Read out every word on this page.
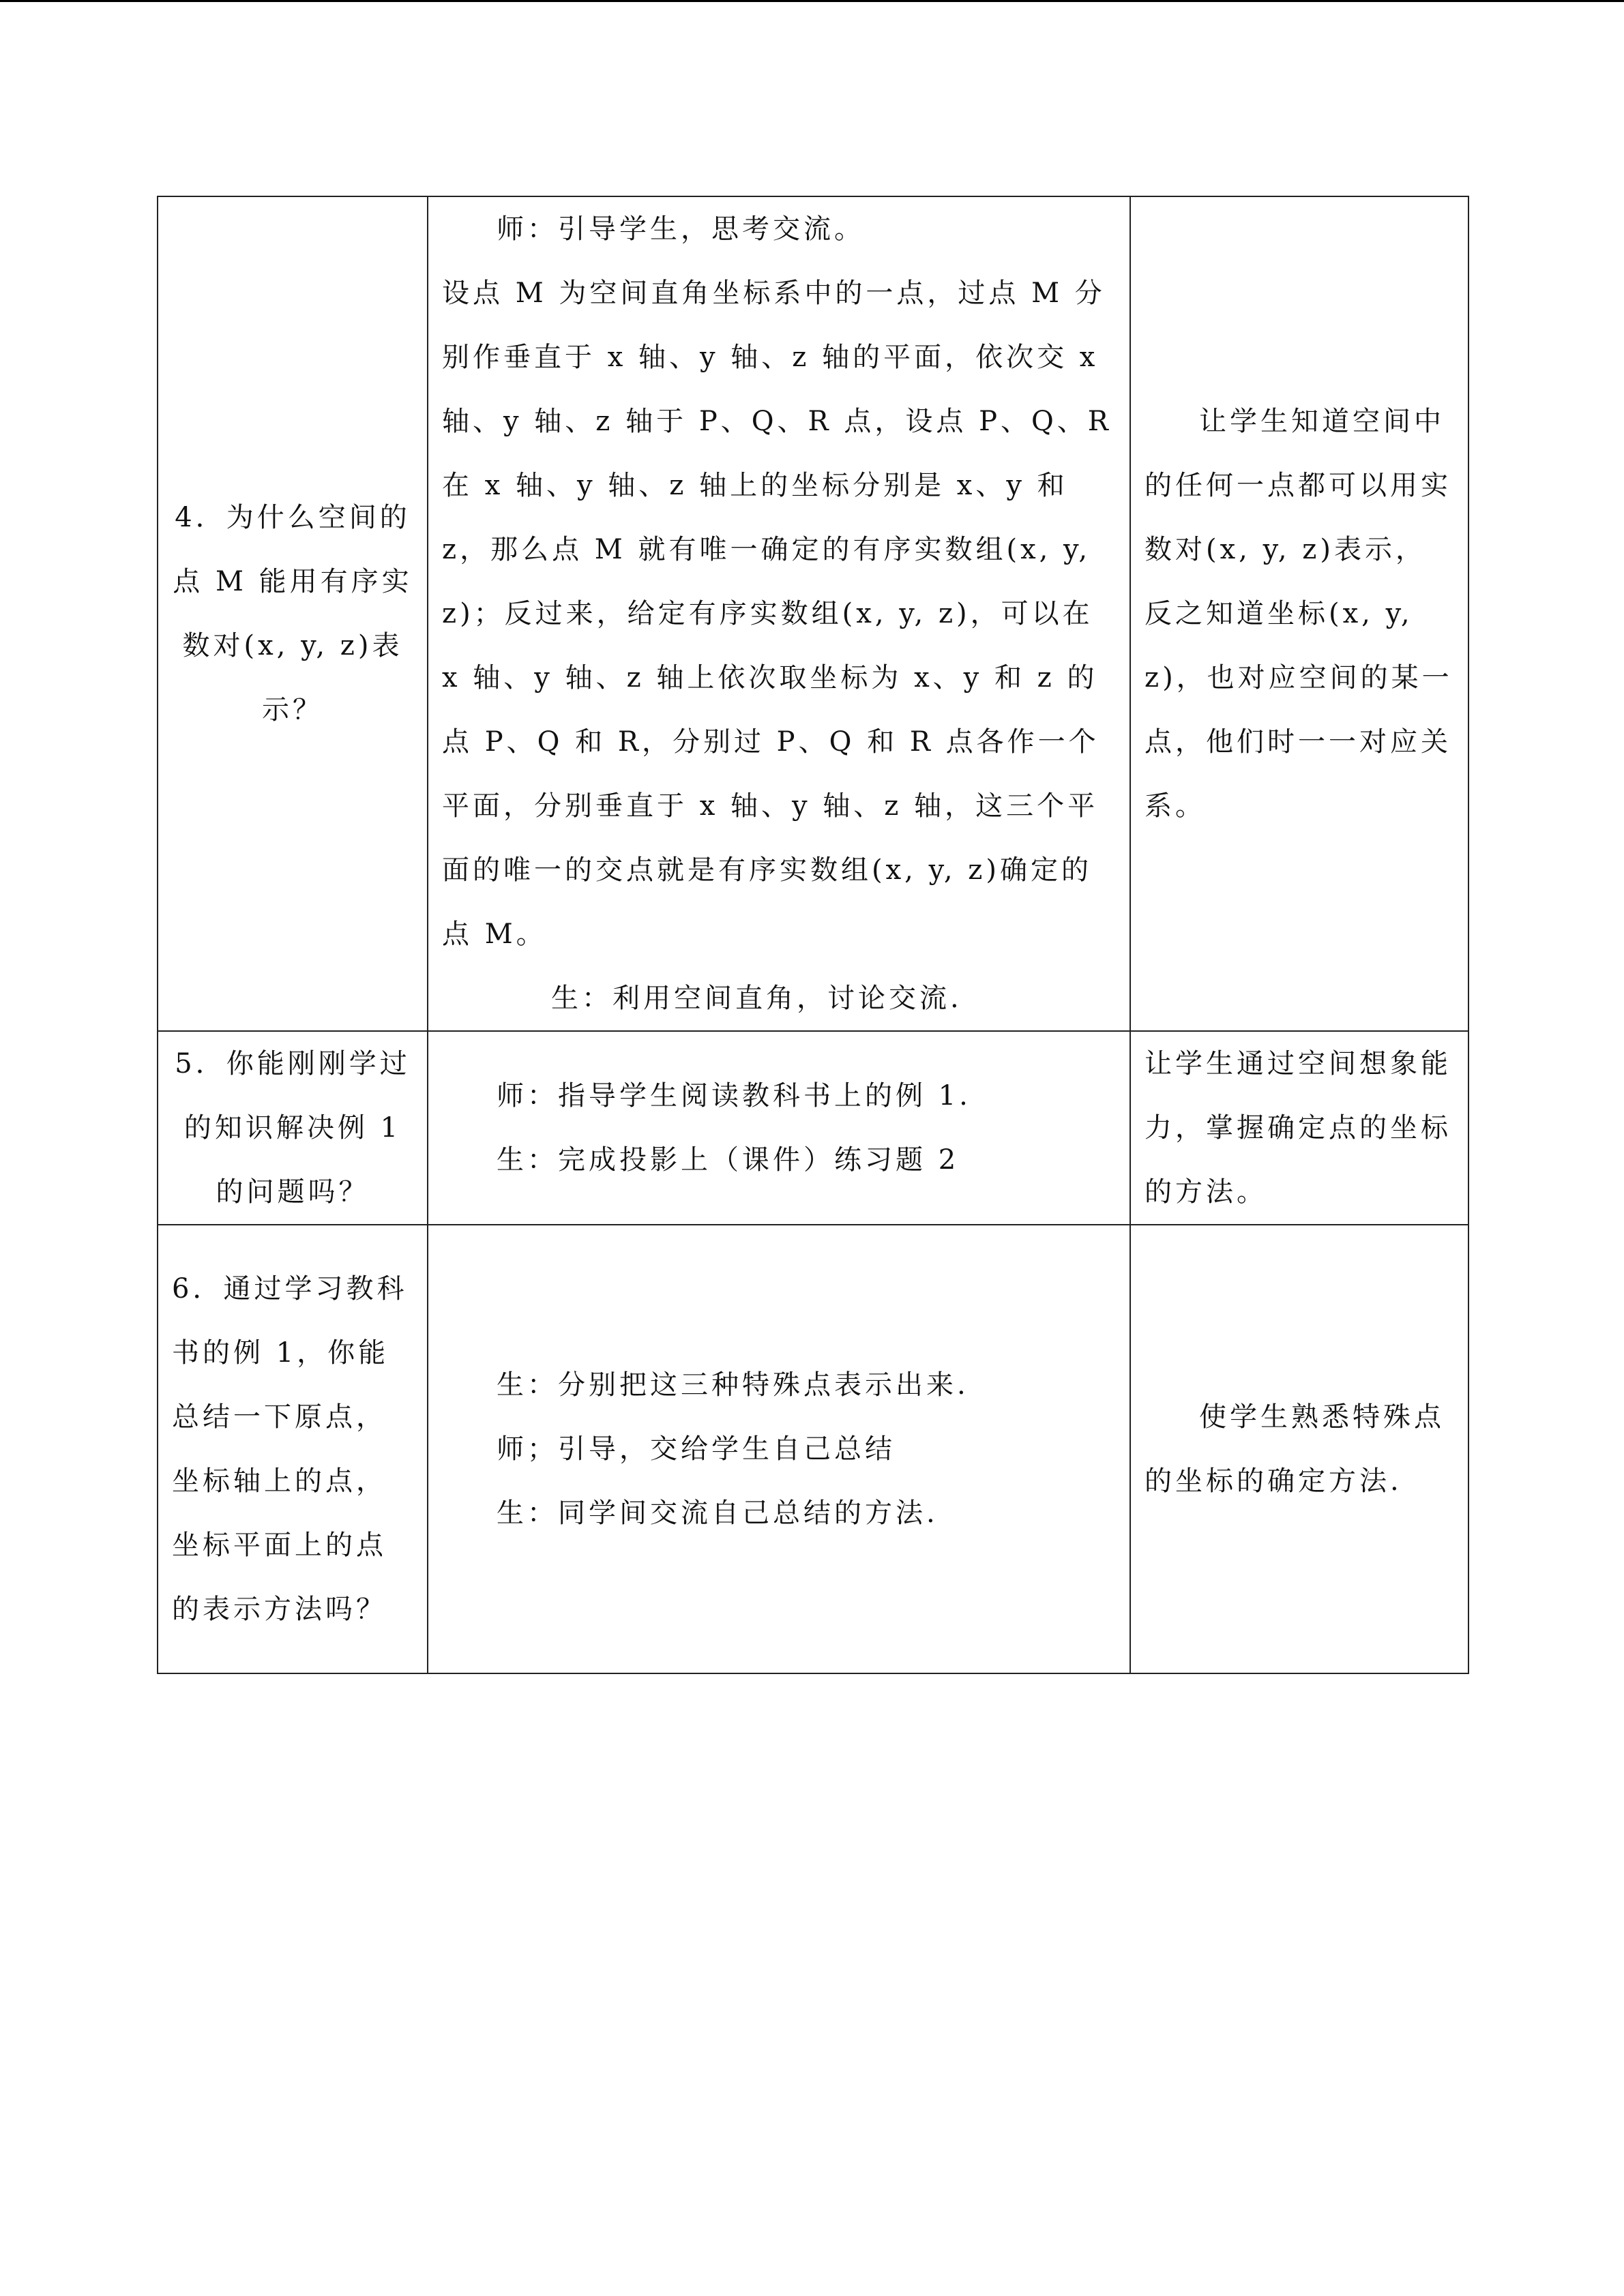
4．为什么空间的点 M 能用有序实数对(x, y, z)表示？	师：引导学生，思考交流。
设点 M 为空间直角坐标系中的一点，过点 M 分别作垂直于 x 轴、y 轴、z 轴的平面，依次交 x 轴、y 轴、z 轴于 P、Q、R 点，设点 P、Q、R 在 x 轴、y 轴、z 轴上的坐标分别是 x、y 和 z，那么点 M 就有唯一确定的有序实数组(x, y, z)；反过来，给定有序实数组(x, y, z)，可以在 x 轴、y 轴、z 轴上依次取坐标为 x、y 和 z 的点 P、Q 和 R，分别过 P、Q 和 R 点各作一个平面，分别垂直于 x 轴、y 轴、z 轴，这三个平面的唯一的交点就是有序实数组(x, y, z)确定的点 M。
生：利用空间直角，讨论交流.	让学生知道空间中的任何一点都可以用实数对(x, y, z)表示，反之知道坐标(x, y, z)，也对应空间的某一点，他们时一一对应关系。

5．你能刚刚学过的知识解决例 1 的问题吗？	师：指导学生阅读教科书上的例 1.
生：完成投影上（课件）练习题 2	让学生通过空间想象能力，掌握确定点的坐标的方法。

6．通过学习教科书的例 1，你能总结一下原点，坐标轴上的点，坐标平面上的点的表示方法吗？	生：分别把这三种特殊点表示出来.
师；引导，交给学生自己总结
生：同学间交流自己总结的方法.	使学生熟悉特殊点的坐标的确定方法.
